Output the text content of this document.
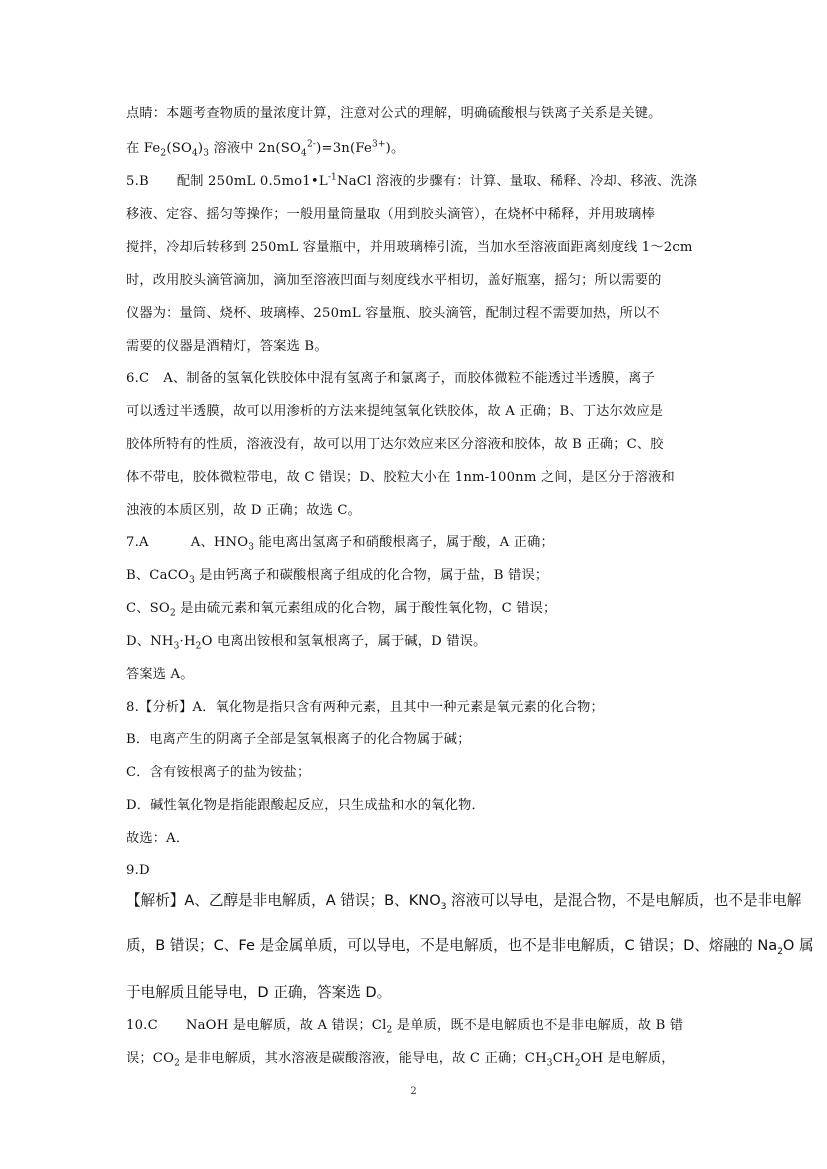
点睛：本题考查物质的量浓度计算，注意对公式的理解，明确硫酸根与铁离子关系是关键。
在 $Fe_2(SO_4)_3$ 溶液中 $2n(SO_4^{2-})=3n(Fe^{3+})$。
5.B 配制 250mL $0.5mo1•L^{-1}NaCl$ 溶液的步骤有：计算、量取、稀释、冷却、移液、洗涤
移液、定容、摇匀等操作；一般用量筒量取（用到胶头滴管），在烧杯中稀释，并用玻璃棒
搅拌，冷却后转移到 250mL 容量瓶中，并用玻璃棒引流，当加水至溶液面距离刻度线 1～2cm
时，改用胶头滴管滴加，滴加至溶液凹面与刻度线水平相切，盖好瓶塞，摇匀；所以需要的
仪器为：量筒、烧杯、玻璃棒、250mL 容量瓶、胶头滴管，配制过程不需要加热，所以不
需要的仪器是酒精灯，答案选 B。
6.C A、制备的氢氧化铁胶体中混有氢离子和氯离子，而胶体微粒不能透过半透膜，离子
可以透过半透膜，故可以用渗析的方法来提纯氢氧化铁胶体，故 A 正确；B、丁达尔效应是
胶体所特有的性质，溶液没有，故可以用丁达尔效应来区分溶液和胶体，故 B 正确；C、胶
体不带电，胶体微粒带电，故 C 错误；D、胶粒大小在 1nm-100nm 之间，是区分于溶液和
浊液的本质区别，故 D 正确；故选 C。
7.A	A、$HNO_3$ 能电离出氢离子和硝酸根离子，属于酸，A 正确；
B、CaCO$_3$ 是由钙离子和碳酸根离子组成的化合物，属于盐，B 错误；
C、$SO_2$ 是由硫元素和氧元素组成的化合物，属于酸性氧化物，C 错误；
D、$NH_3\cdot H_2O$ 电离出铵根和氢氧根离子，属于碱，D 错误。
答案选 A。
8.【分析】A．氧化物是指只含有两种元素，且其中一种元素是氧元素的化合物；
B．电离产生的阴离子全部是氢氧根离子的化合物属于碱；
C．含有铵根离子的盐为铵盐；
D．碱性氧化物是指能跟酸起反应，只生成盐和水的氧化物．
故选：A．
9.D
【解析】A、乙醇是非电解质，A 错误；B、$KNO_3$ 溶液可以导电，是混合物，不是电解质，也不是非电解
质，B 错误；C、Fe 是金属单质，可以导电，不是电解质，也不是非电解质，C 错误；D、熔融的 $Na_2O$ 属
于电解质且能导电，D 正确，答案选 D。
10.C NaOH 是电解质，故 A 错误；$Cl_2$ 是单质，既不是电解质也不是非电解质，故 B 错
误；$CO_2$ 是非电解质，其水溶液是碳酸溶液，能导电，故 C 正确；$CH_3CH_2OH$ 是电解质，
2
